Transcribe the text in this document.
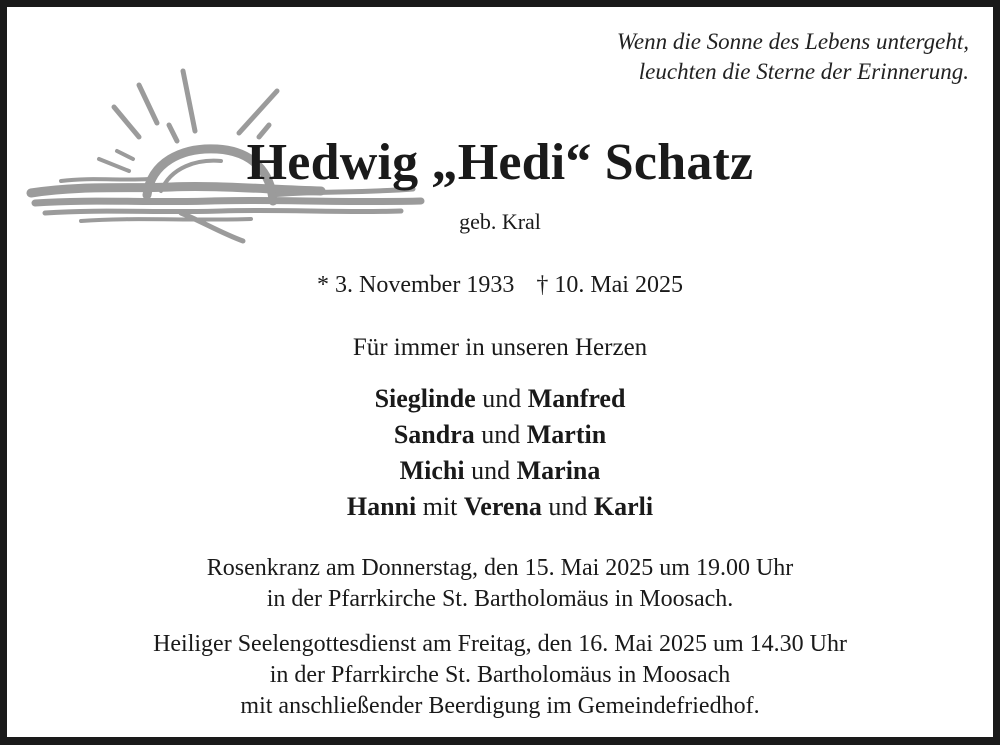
Wenn die Sonne des Lebens untergeht,
leuchten die Sterne der Erinnerung.
Hedwig „Hedi“ Schatz
geb. Kral
* 3. November 1933 † 10. Mai 2025
Für immer in unseren Herzen
Sieglinde und Manfred
Sandra und Martin
Michi und Marina
Hanni mit Verena und Karli
Rosenkranz am Donnerstag, den 15. Mai 2025 um 19.00 Uhr
in der Pfarrkirche St. Bartholomäus in Moosach.
Heiliger Seelengottesdienst am Freitag, den 16. Mai 2025 um 14.30 Uhr
in der Pfarrkirche St. Bartholomäus in Moosach
mit anschließender Beerdigung im Gemeindefriedhof.
